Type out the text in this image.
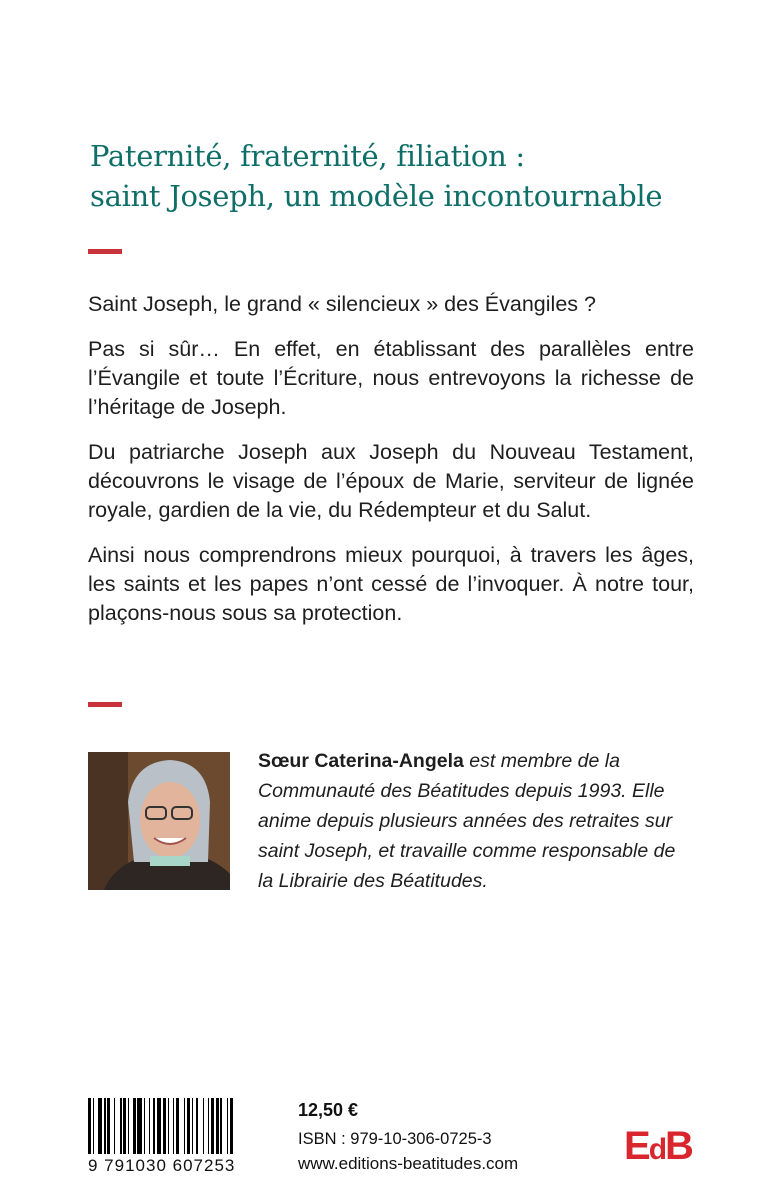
Paternité, fraternité, filiation :
saint Joseph, un modèle incontournable

Saint Joseph, le grand « silencieux » des Évangiles ?

Pas si sûr… En effet, en établissant des parallèles entre l’Évangile et toute l’Écriture, nous entrevoyons la richesse de l’héritage de Joseph.

Du patriarche Joseph aux Joseph du Nouveau Testament, découvrons le visage de l’époux de Marie, serviteur de lignée royale, gardien de la vie, du Rédempteur et du Salut.

Ainsi nous comprendrons mieux pourquoi, à travers les âges, les saints et les papes n’ont cessé de l’invoquer. À notre tour, plaçons-nous sous sa protection.

Sœur Caterina-Angela est membre de la Communauté des Béatitudes depuis 1993. Elle anime depuis plusieurs années des retraites sur saint Joseph, et travaille comme responsable de la Librairie des Béatitudes.
9 791030 607253
12,50 €
ISBN : 979-10-306-0725-3
www.editions-beatitudes.com	EdB
